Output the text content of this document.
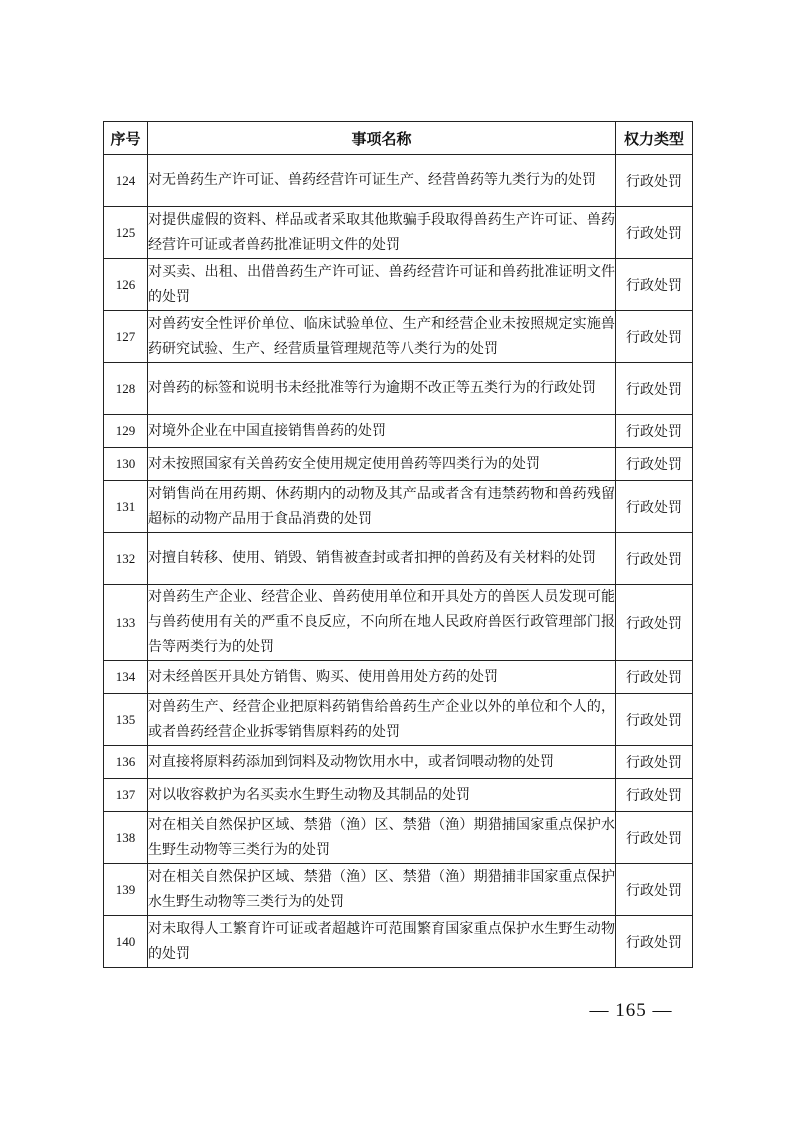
序号	事项名称	权力类型
124	对无兽药生产许可证、兽药经营许可证生产、经营兽药等九类行为的处罚	行政处罚
125	对提供虚假的资料、样品或者采取其他欺骗手段取得兽药生产许可证、兽药经营许可证或者兽药批准证明文件的处罚	行政处罚
126	对买卖、出租、出借兽药生产许可证、兽药经营许可证和兽药批准证明文件的处罚	行政处罚
127	对兽药安全性评价单位、临床试验单位、生产和经营企业未按照规定实施兽药研究试验、生产、经营质量管理规范等八类行为的处罚	行政处罚
128	对兽药的标签和说明书未经批准等行为逾期不改正等五类行为的行政处罚	行政处罚
129	对境外企业在中国直接销售兽药的处罚	行政处罚
130	对未按照国家有关兽药安全使用规定使用兽药等四类行为的处罚	行政处罚
131	对销售尚在用药期、休药期内的动物及其产品或者含有违禁药物和兽药残留超标的动物产品用于食品消费的处罚	行政处罚
132	对擅自转移、使用、销毁、销售被查封或者扣押的兽药及有关材料的处罚	行政处罚
133	对兽药生产企业、经营企业、兽药使用单位和开具处方的兽医人员发现可能与兽药使用有关的严重不良反应，不向所在地人民政府兽医行政管理部门报告等两类行为的处罚	行政处罚
134	对未经兽医开具处方销售、购买、使用兽用处方药的处罚	行政处罚
135	对兽药生产、经营企业把原料药销售给兽药生产企业以外的单位和个人的，或者兽药经营企业拆零销售原料药的处罚	行政处罚
136	对直接将原料药添加到饲料及动物饮用水中，或者饲喂动物的处罚	行政处罚
137	对以收容救护为名买卖水生野生动物及其制品的处罚	行政处罚
138	对在相关自然保护区域、禁猎（渔）区、禁猎（渔）期猎捕国家重点保护水生野生动物等三类行为的处罚	行政处罚
139	对在相关自然保护区域、禁猎（渔）区、禁猎（渔）期猎捕非国家重点保护水生野生动物等三类行为的处罚	行政处罚
140	对未取得人工繁育许可证或者超越许可范围繁育国家重点保护水生野生动物的处罚	行政处罚
— 165 —
